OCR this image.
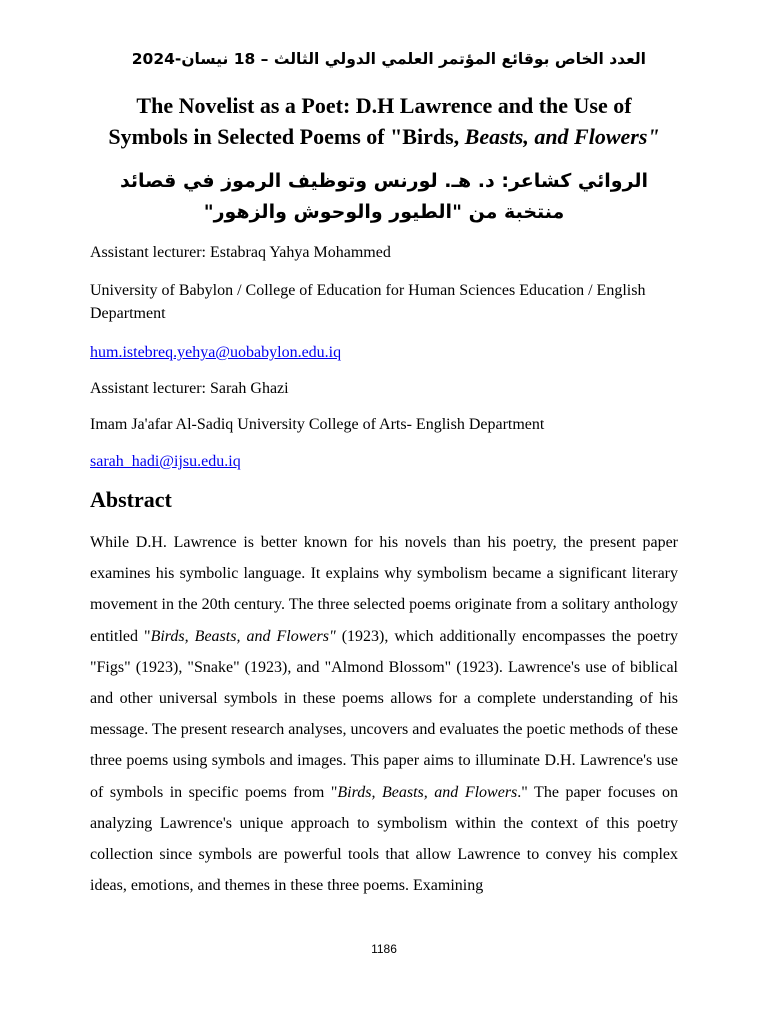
العدد الخاص بوقائع المؤتمر العلمي الدولي الثالث – 18 نيسان-2024
The Novelist as a Poet: D.H Lawrence and the Use of
Symbols in Selected Poems of "Birds, Beasts, and Flowers"
الروائي كشاعر: د. هـ. لورنس وتوظيف الرموز في قصائد منتخبة من "الطيور والوحوش والزهور"
Assistant lecturer: Estabraq Yahya Mohammed
University of Babylon / College of Education for Human Sciences Education / English Department
hum.istebreq.yehya@uobabylon.edu.iq
Assistant lecturer: Sarah Ghazi
Imam Ja'afar Al-Sadiq University College of Arts- English Department
sarah_hadi@ijsu.edu.iq
Abstract

While D.H. Lawrence is better known for his novels than his poetry, the present paper examines his symbolic language. It explains why symbolism became a significant literary movement in the 20th century. The three selected poems originate from a solitary anthology entitled "Birds, Beasts, and Flowers" (1923), which additionally encompasses the poetry "Figs" (1923), "Snake" (1923), and "Almond Blossom" (1923). Lawrence's use of biblical and other universal symbols in these poems allows for a complete understanding of his message. The present research analyses, uncovers and evaluates the poetic methods of these three poems using symbols and images. This paper aims to illuminate D.H. Lawrence's use of symbols in specific poems from "Birds, Beasts, and Flowers." The paper focuses on analyzing Lawrence's unique approach to symbolism within the context of this poetry collection since symbols are powerful tools that allow Lawrence to convey his complex ideas, emotions, and themes in these three poems. Examining

1186
